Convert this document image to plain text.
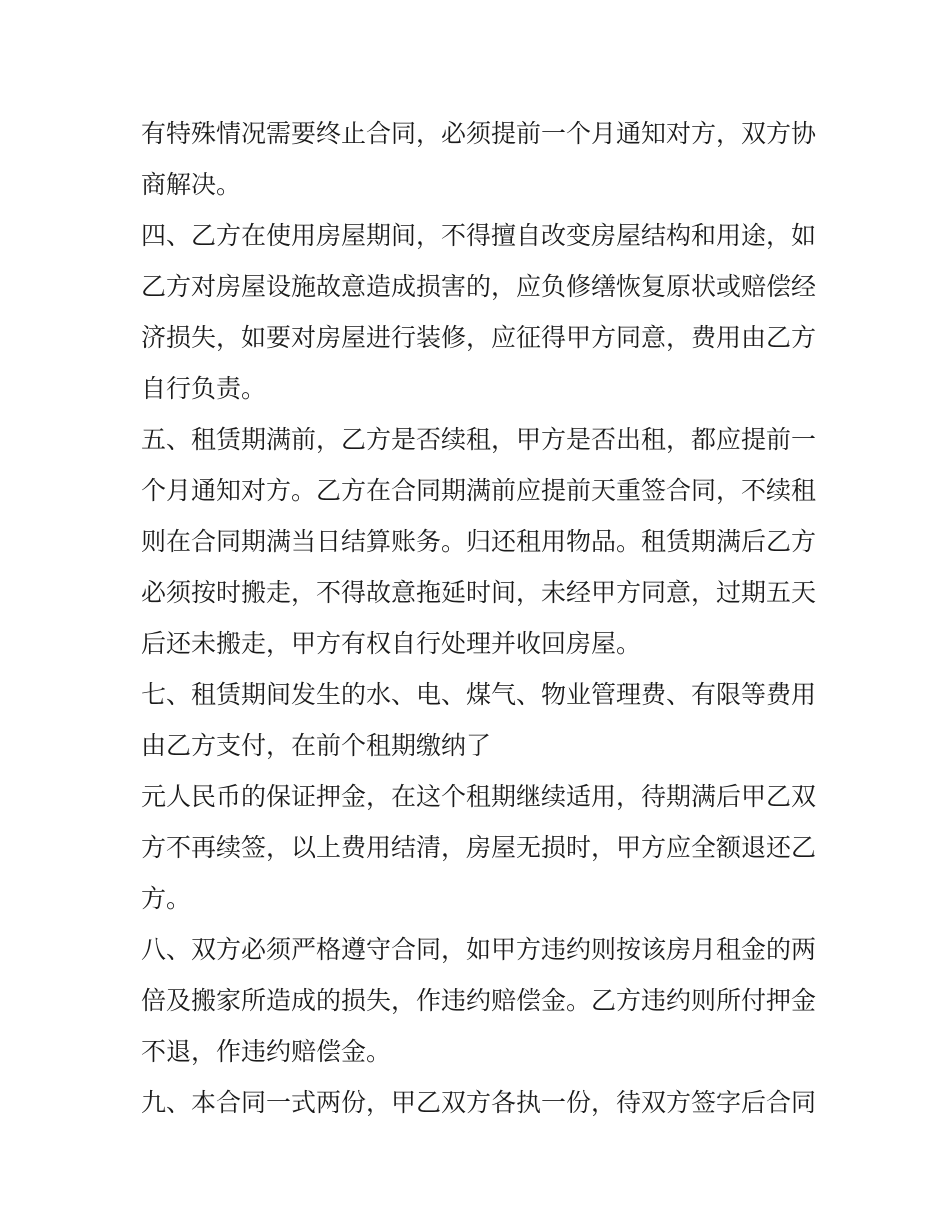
有特殊情况需要终止合同，必须提前一个月通知对方，双方协
商解决。
四、乙方在使用房屋期间，不得擅自改变房屋结构和用途，如
乙方对房屋设施故意造成损害的，应负修缮恢复原状或赔偿经
济损失，如要对房屋进行装修，应征得甲方同意，费用由乙方
自行负责。
五、租赁期满前，乙方是否续租，甲方是否出租，都应提前一
个月通知对方。乙方在合同期满前应提前天重签合同，不续租
则在合同期满当日结算账务。归还租用物品。租赁期满后乙方
必须按时搬走，不得故意拖延时间，未经甲方同意，过期五天
后还未搬走，甲方有权自行处理并收回房屋。
七、租赁期间发生的水、电、煤气、物业管理费、有限等费用
由乙方支付，在前个租期缴纳了
元人民币的保证押金，在这个租期继续适用，待期满后甲乙双
方不再续签，以上费用结清，房屋无损时，甲方应全额退还乙
方。
八、双方必须严格遵守合同，如甲方违约则按该房月租金的两
倍及搬家所造成的损失，作违约赔偿金。乙方违约则所付押金
不退，作违约赔偿金。
九、本合同一式两份，甲乙双方各执一份，待双方签字后合同
